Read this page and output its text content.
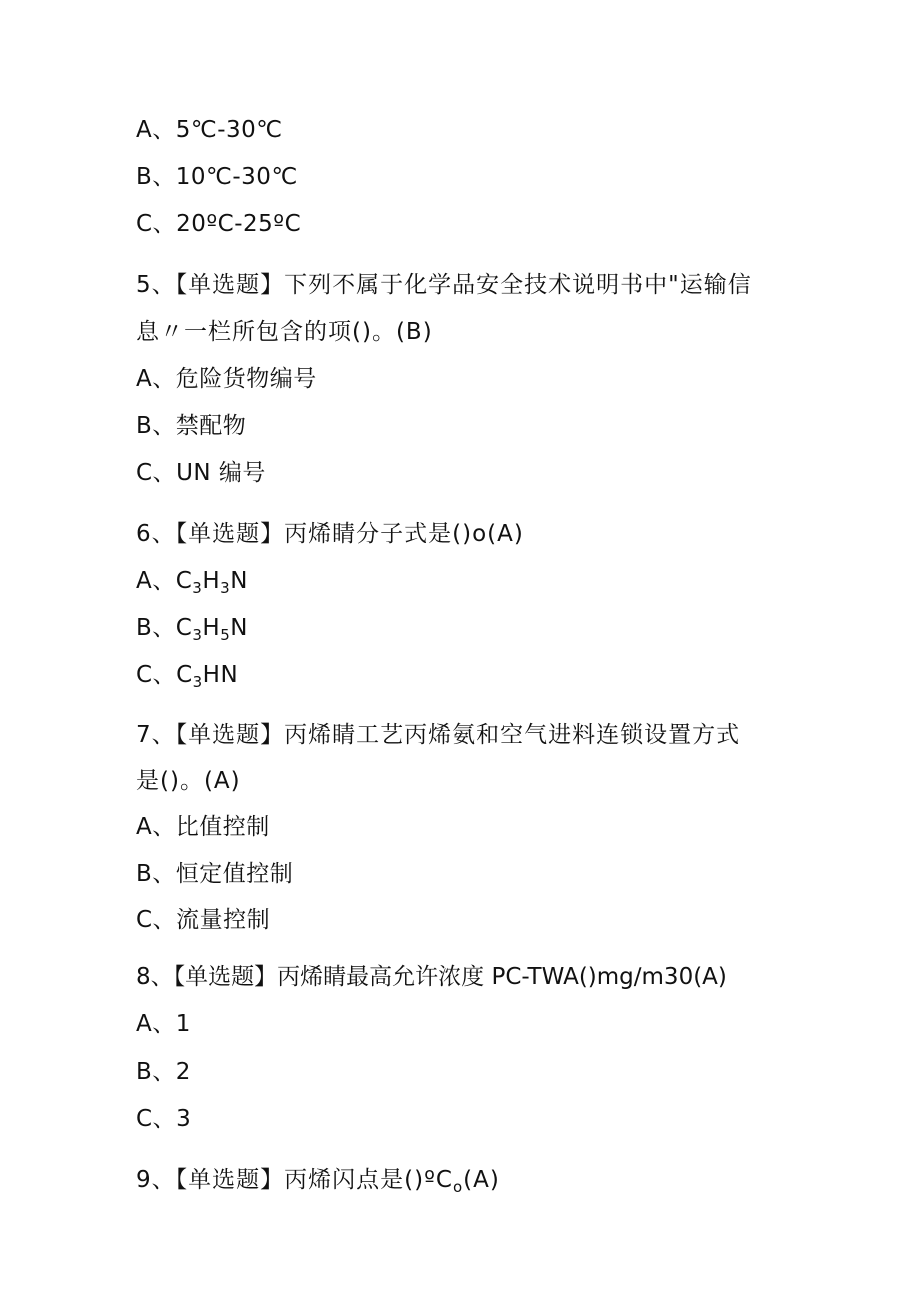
A、5℃-30℃
B、10℃-30℃
C、20ºC-25ºC
5、【单选题】下列不属于化学品安全技术说明书中"运输信
息〃一栏所包含的项()。(B)
A、危险货物编号
B、禁配物
C、UN 编号
6、【单选题】丙烯睛分子式是()o(A)
A、$C_3H_3N$
B、$C_3H_5N$
C、$C_3HN$
7、【单选题】丙烯睛工艺丙烯氨和空气进料连锁设置方式
是()。(A)
A、比值控制
B、恒定值控制
C、流量控制
8、【单选题】丙烯睛最高允许浓度 PC-TWA()mg∕m30(A)
A、1
B、2
C、3
9、【单选题】丙烯闪点是()ºC$_o$(A)
